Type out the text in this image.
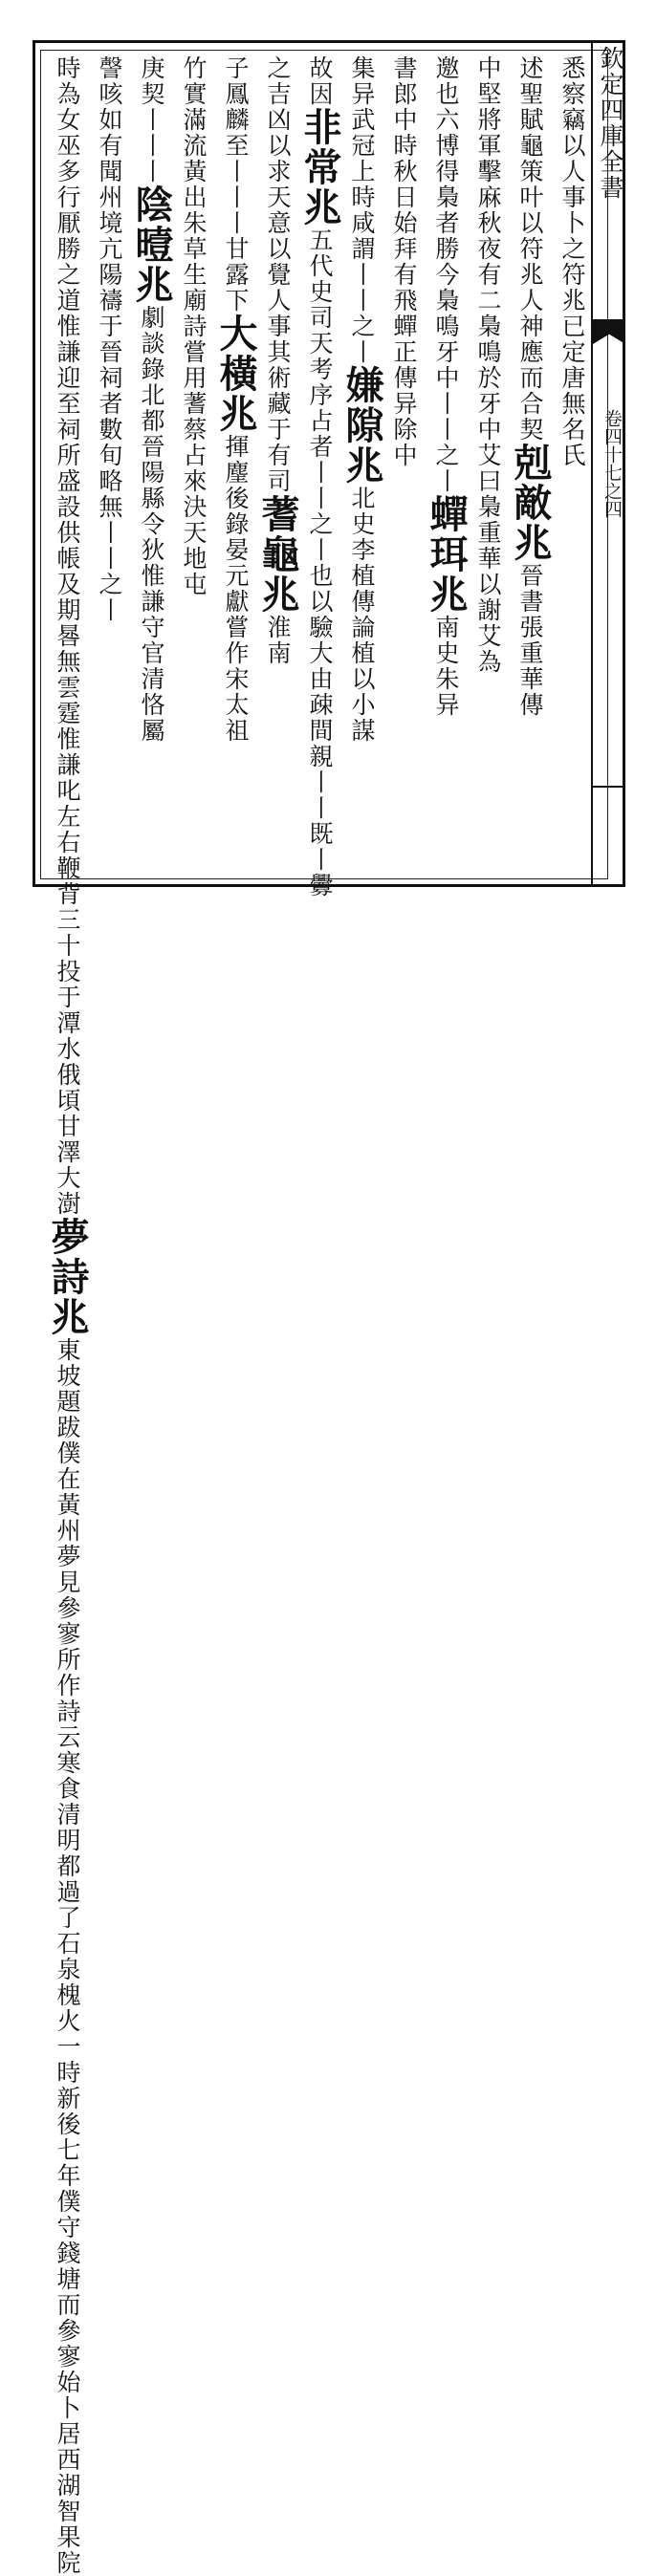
欽定四庫全書
卷四十七之四
悉察竊以人事卜之符兆已定唐無名氏
述聖賦龜策叶以符兆人神應而合契剋敵兆晉書張重華傳
中堅將軍擊麻秋夜有二梟鳴於牙中艾曰梟重華以謝艾為
邀也六博得梟者勝今梟鳴牙中丨丨之丨蟬珥兆南史朱异
書郎中時秋日始拜有飛蟬正傳异除中
集异武冠上時咸謂丨丨之丨嫌隙兆北史李植傳論植以小謀
故因非常兆五代史司天考序占者丨丨之丨也以驗大由疎間親丨丨既丨釁
之吉凶以求天意以覺人事其術藏于有司蓍龜兆淮南
子鳳麟至丨丨丨甘露下大橫兆揮麈後錄晏元獻嘗作宋太祖
竹實滿流黃出朱草生廟詩嘗用蓍蔡占來決天地屯
庚契丨丨丨陰曀兆劇談錄北都晉陽縣令狄惟謙守官清恪屬
謦咳如有聞州境亢陽禱于晉祠者數旬略無丨丨之丨
時為女巫多行厭勝之道惟謙迎至祠所盛設供帳及期晷無雲霆惟謙叱左右鞭背三十投于潭水俄頃甘澤大澍夢詩兆東坡題跋僕在黃州夢見參寥所作詩云寒食清明都過了石泉槐火一時新後七年僕守錢塘而參寥始卜居西湖智果院
